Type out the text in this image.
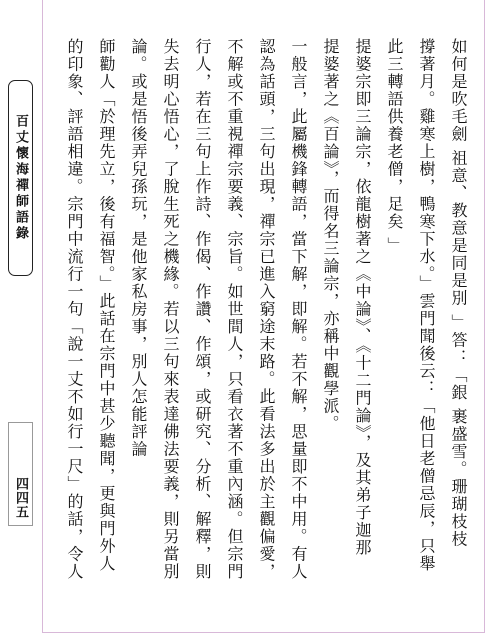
百丈懷海禪師語錄
四四五	如何是吹毛劍 祖意、教意是同是別 」答：「銀 裹盛雪。珊瑚枝枝

撐著月。雞寒上樹，鴨寒下水。」雲門聞後云：「他日老僧忌辰，只舉

此三轉語供養老僧，足矣 」

提婆宗即三論宗，依龍樹著之《中論》、《十二門論》，及其弟子迦那

提婆著之《百論》，而得名三論宗，亦稱中觀學派。

一般言，此屬機鋒轉語，當下解，即解。若不解，思量即不中用。有人

認為話頭，三句出現，禪宗已進入窮途末路。此看法多出於主觀偏愛，

不解或不重視禪宗要義、宗旨。如世間人，只看衣著不重內涵。但宗門

行人，若在三句上作詩、作偈、作讚、作頌，或研究、分析、解釋，則

失去明心悟心，了脫生死之機緣。若以三句來表達佛法要義，則另當別

論。或是悟後弄兒孫玩，是他家私房事，別人怎能評論

師勸人「於理先立，後有福智。」此話在宗門中甚少聽聞，更與門外人

的印象、評語相違。宗門中流行一句「說一丈不如行一尺」的話，令人
